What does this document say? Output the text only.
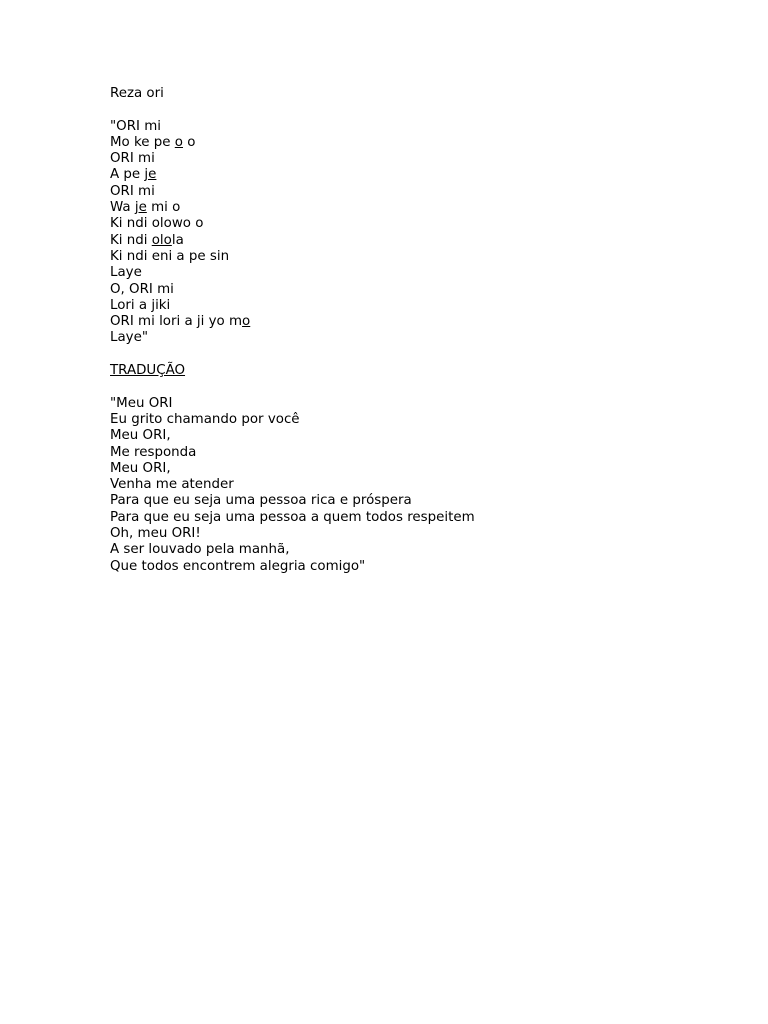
Reza ori
"ORI mi
Mo ke pe o o
ORI mi
A pe je
ORI mi
Wa je mi o
Ki ndi olowo o
Ki ndi olola
Ki ndi eni a pe sin
Laye
O, ORI mi
Lori a jiki
ORI mi lori a ji yo mo
Laye"
TRADUÇÃO
"Meu ORI
Eu grito chamando por você
Meu ORI,
Me responda
Meu ORI,
Venha me atender
Para que eu seja uma pessoa rica e próspera
Para que eu seja uma pessoa a quem todos respeitem
Oh, meu ORI!
A ser louvado pela manhã,
Que todos encontrem alegria comigo"
